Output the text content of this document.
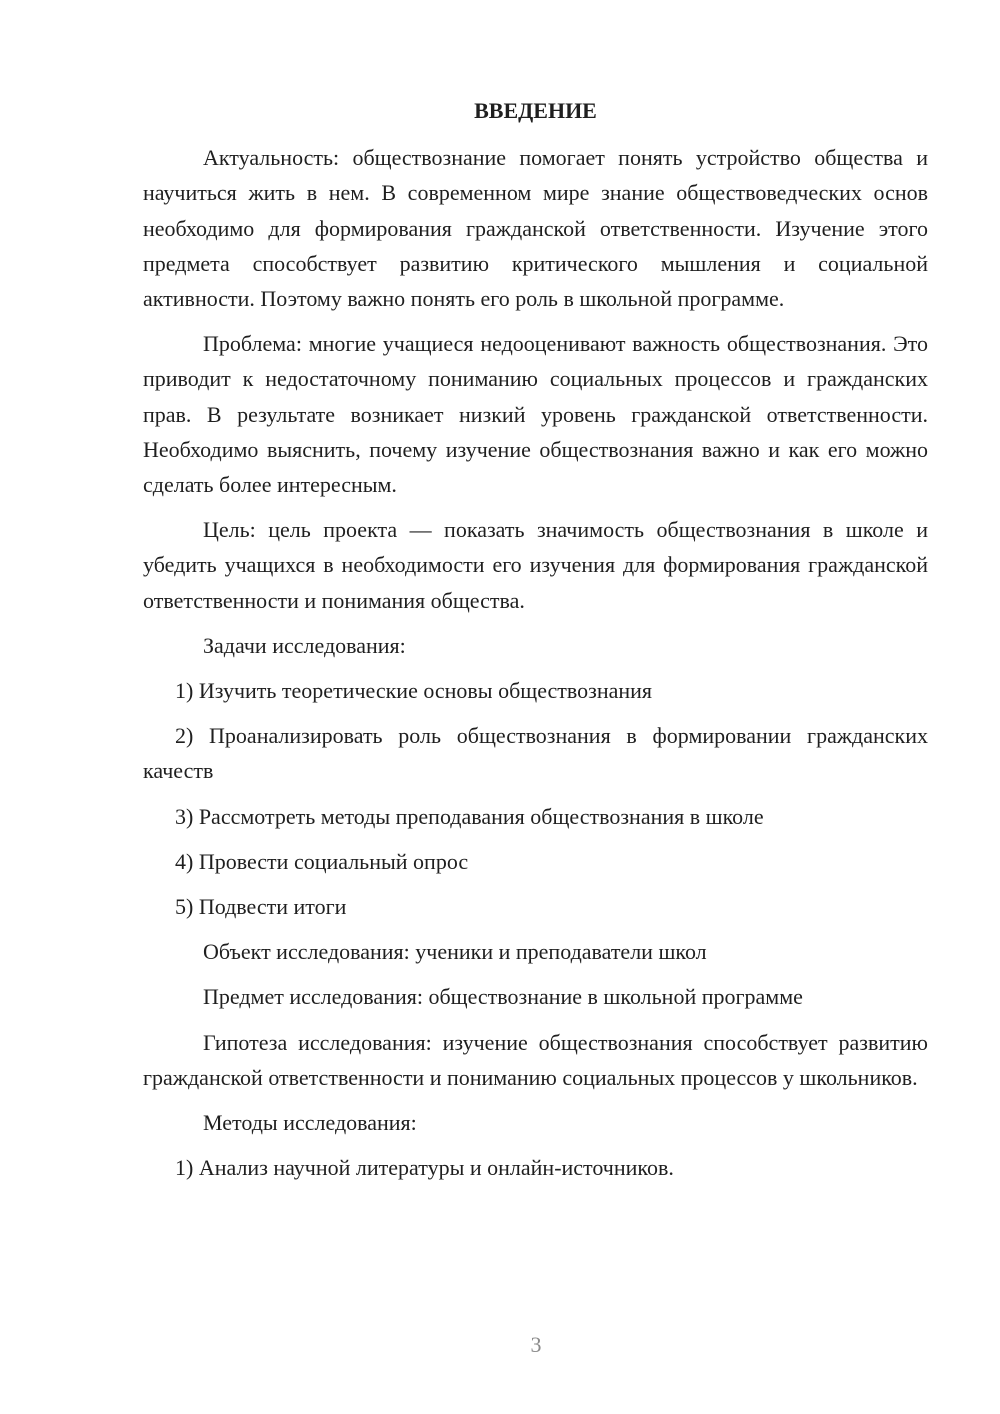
ВВЕДЕНИЕ

Актуальность: обществознание помогает понять устройство общества и научиться жить в нем. В современном мире знание обществоведческих основ необходимо для формирования гражданской ответственности. Изучение этого предмета способствует развитию критического мышления и социальной активности. Поэтому важно понять его роль в школьной программе.

Проблема: многие учащиеся недооценивают важность обществознания. Это приводит к недостаточному пониманию социальных процессов и гражданских прав. В результате возникает низкий уровень гражданской ответственности. Необходимо выяснить, почему изучение обществознания важно и как его можно сделать более интересным.

Цель: цель проекта — показать значимость обществознания в школе и убедить учащихся в необходимости его изучения для формирования гражданской ответственности и понимания общества.

Задачи исследования:

1) Изучить теоретические основы обществознания

2) Проанализировать роль обществознания в формировании гражданских качеств

3) Рассмотреть методы преподавания обществознания в школе

4) Провести социальный опрос

5) Подвести итоги

Объект исследования: ученики и преподаватели школ

Предмет исследования: обществознание в школьной программе

Гипотеза исследования: изучение обществознания способствует развитию гражданской ответственности и пониманию социальных процессов у школьников.

Методы исследования:

1) Анализ научной литературы и онлайн-источников.

3
